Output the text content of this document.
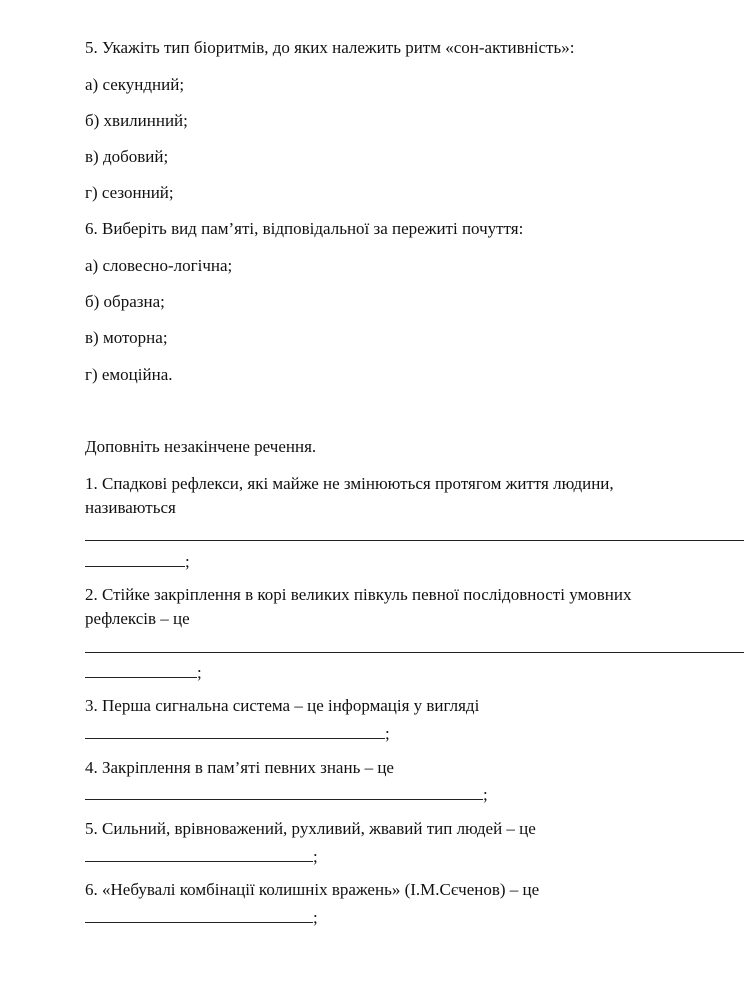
5. Укажіть тип біоритмів, до яких належить ритм «сон-активність»:
а) секундний;
б) хвилинний;
в) добовий;
г) сезонний;
6. Виберіть вид пам’яті, відповідальної за пережиті почуття:
а) словесно-логічна;
б) образна;
в) моторна;
г) емоційна.
Доповніть незакінчене речення.
1. Спадкові рефлекси, які майже не змінюються протягом життя людини,
називаються
;
2. Стійке закріплення в корі великих півкуль певної послідовності умовних
рефлексів – це
;
3. Перша сигнальна система – це інформація у вигляді
;
4. Закріплення в пам’яті певних знань – це
;
5. Сильний, врівноважений, рухливий, жвавий тип людей – це
;
6. «Небувалі комбінації колишніх вражень» (І.М.Сєченов) – це
;
